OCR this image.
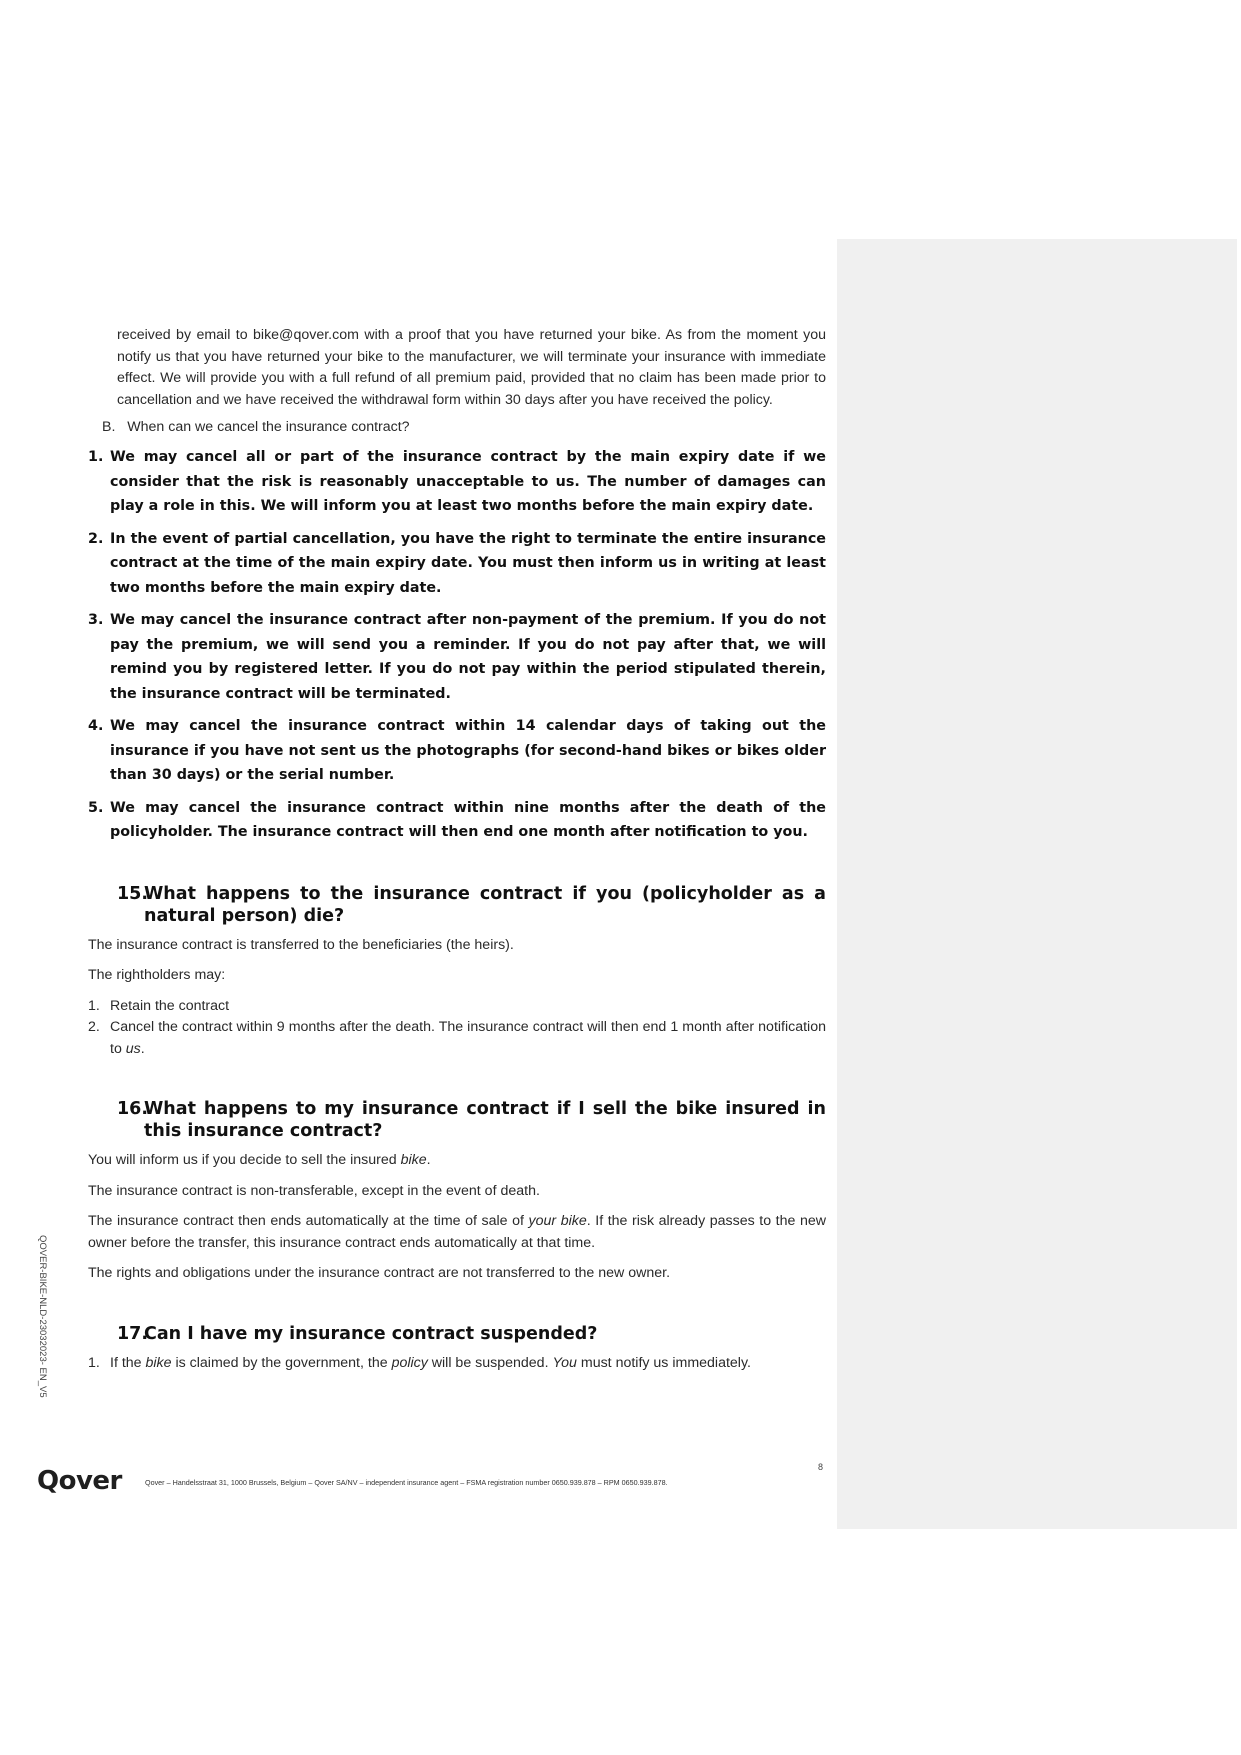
received by email to bike@qover.com with a proof that you have returned your bike. As from the moment you notify us that you have returned your bike to the manufacturer, we will terminate your insurance with immediate effect. We will provide you with a full refund of all premium paid, provided that no claim has been made prior to cancellation and we have received the withdrawal form within 30 days after you have received the policy.

B. When can we cancel the insurance contract?
1. We may cancel all or part of the insurance contract by the main expiry date if we consider that the risk is reasonably unacceptable to us. The number of damages can play a role in this. We will inform you at least two months before the main expiry date.
2. In the event of partial cancellation, you have the right to terminate the entire insurance contract at the time of the main expiry date. You must then inform us in writing at least two months before the main expiry date.
3. We may cancel the insurance contract after non-payment of the premium. If you do not pay the premium, we will send you a reminder. If you do not pay after that, we will remind you by registered letter. If you do not pay within the period stipulated therein, the insurance contract will be terminated.
4. We may cancel the insurance contract within 14 calendar days of taking out the insurance if you have not sent us the photographs (for second-hand bikes or bikes older than 30 days) or the serial number.
5. We may cancel the insurance contract within nine months after the death of the policyholder. The insurance contract will then end one month after notification to you.
15.
What happens to the insurance contract if you (policyholder as a natural person) die?

The insurance contract is transferred to the beneficiaries (the heirs).

The rightholders may:

1. Retain the contract
2. Cancel the contract within 9 months after the death. The insurance contract will then end 1 month after notification to us.
16.
What happens to my insurance contract if I sell the bike insured in this insurance contract?

You will inform us if you decide to sell the insured bike.

The insurance contract is non-transferable, except in the event of death.

The insurance contract then ends automatically at the time of sale of your bike. If the risk already passes to the new owner before the transfer, this insurance contract ends automatically at that time.

The rights and obligations under the insurance contract are not transferred to the new owner.

17.
Can I have my insurance contract suspended?
1. If the bike is claimed by the government, the policy will be suspended. You must notify us immediately.
QOVER-BIKE-NLD-23032023- EN_V5
8
Qover	Qover – Handelsstraat 31, 1000 Brussels, Belgium – Qover SA/NV – independent insurance agent – FSMA registration number 0650.939.878 – RPM 0650.939.878.
